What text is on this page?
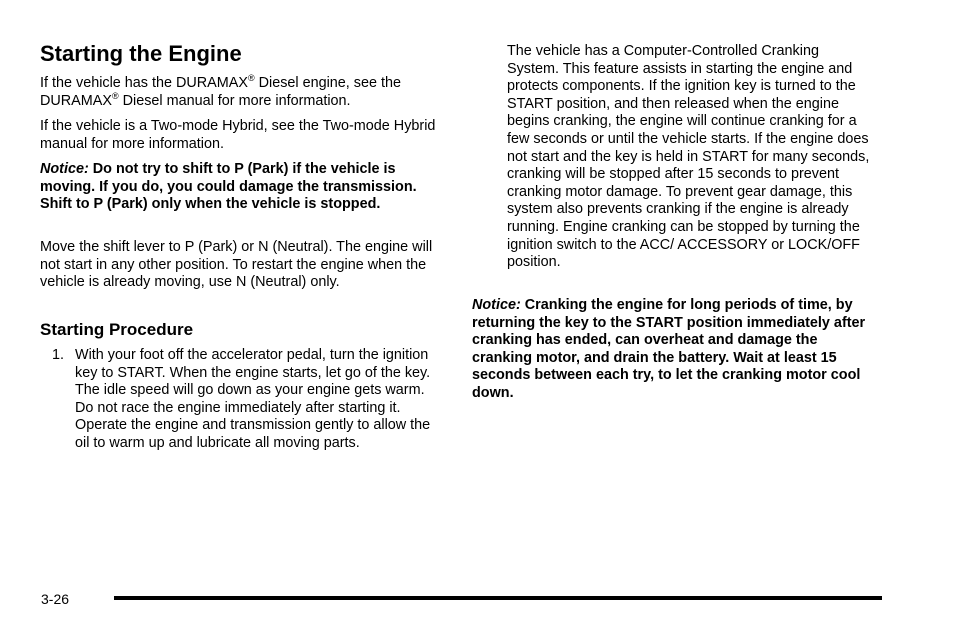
Starting the Engine

If the vehicle has the DURAMAX® Diesel engine, see the DURAMAX® Diesel manual for more information.

If the vehicle is a Two-mode Hybrid, see the Two-mode Hybrid manual for more information.

Notice: Do not try to shift to P (Park) if the vehicle is moving. If you do, you could damage the transmission. Shift to P (Park) only when the vehicle is stopped.

Move the shift lever to P (Park) or N (Neutral). The engine will not start in any other position. To restart the engine when the vehicle is already moving, use N (Neutral) only.

Starting Procedure
1. With your foot off the accelerator pedal, turn the ignition key to START. When the engine starts, let go of the key. The idle speed will go down as your engine gets warm. Do not race the engine immediately after starting it. Operate the engine and transmission gently to allow the oil to warm up and lubricate all moving parts.

The vehicle has a Computer-Controlled Cranking System. This feature assists in starting the engine and protects components. If the ignition key is turned to the START position, and then released when the engine begins cranking, the engine will continue cranking for a few seconds or until the vehicle starts. If the engine does not start and the key is held in START for many seconds, cranking will be stopped after 15 seconds to prevent cranking motor damage. To prevent gear damage, this system also prevents cranking if the engine is already running. Engine cranking can be stopped by turning the ignition switch to the ACC/ ACCESSORY or LOCK/OFF position.

Notice: Cranking the engine for long periods of time, by returning the key to the START position immediately after cranking has ended, can overheat and damage the cranking motor, and drain the battery. Wait at least 15 seconds between each try, to let the cranking motor cool down.

3-26
